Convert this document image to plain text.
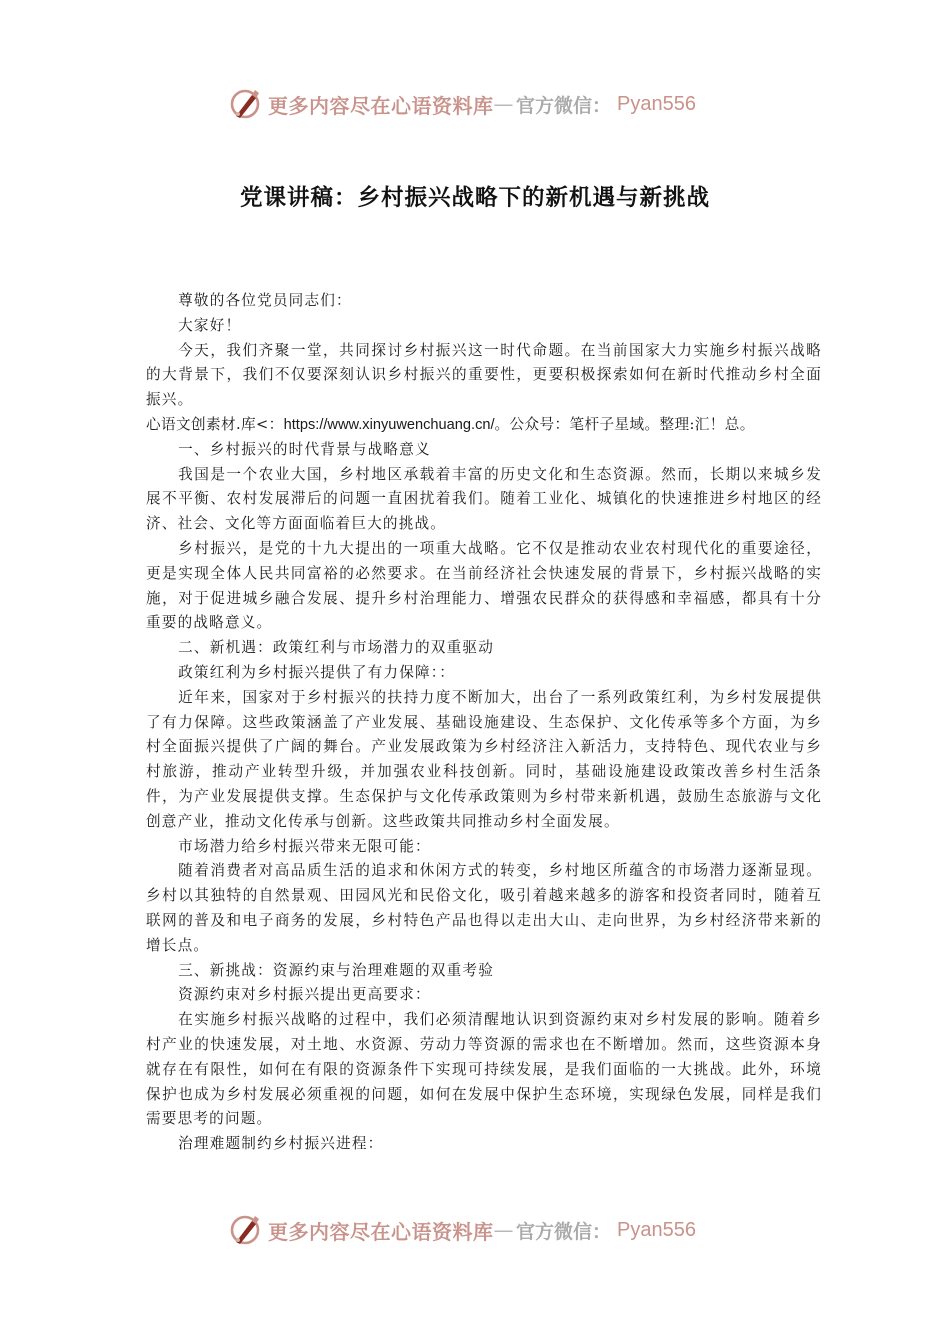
更多内容尽在心语资料库 — 官方微信： Pyan556
党课讲稿：乡村振兴战略下的新机遇与新挑战

尊敬的各位党员同志们：

大家好！

今天，我们齐聚一堂，共同探讨乡村振兴这一时代命题。在当前国家大力实施乡村振兴战略的大背景下，我们不仅要深刻认识乡村振兴的重要性，更要积极探索如何在新时代推动乡村全面振兴。

心语文创素材.库<：https://www.xinyuwenchuang.cn/。公众号：笔杆子星域。整理:汇！总。

一、乡村振兴的时代背景与战略意义

我国是一个农业大国，乡村地区承载着丰富的历史文化和生态资源。然而，长期以来城乡发展不平衡、农村发展滞后的问题一直困扰着我们。随着工业化、城镇化的快速推进乡村地区的经济、社会、文化等方面面临着巨大的挑战。

乡村振兴，是党的十九大提出的一项重大战略。它不仅是推动农业农村现代化的重要途径，更是实现全体人民共同富裕的必然要求。在当前经济社会快速发展的背景下，乡村振兴战略的实施，对于促进城乡融合发展、提升乡村治理能力、增强农民群众的获得感和幸福感，都具有十分重要的战略意义。

二、新机遇：政策红利与市场潜力的双重驱动

政策红利为乡村振兴提供了有力保障：：

近年来，国家对于乡村振兴的扶持力度不断加大，出台了一系列政策红利，为乡村发展提供了有力保障。这些政策涵盖了产业发展、基础设施建设、生态保护、文化传承等多个方面，为乡村全面振兴提供了广阔的舞台。产业发展政策为乡村经济注入新活力，支持特色、现代农业与乡村旅游，推动产业转型升级，并加强农业科技创新。同时，基础设施建设政策改善乡村生活条件，为产业发展提供支撑。生态保护与文化传承政策则为乡村带来新机遇，鼓励生态旅游与文化创意产业，推动文化传承与创新。这些政策共同推动乡村全面发展。

市场潜力给乡村振兴带来无限可能：

随着消费者对高品质生活的追求和休闲方式的转变，乡村地区所蕴含的市场潜力逐渐显现。乡村以其独特的自然景观、田园风光和民俗文化，吸引着越来越多的游客和投资者同时，随着互联网的普及和电子商务的发展，乡村特色产品也得以走出大山、走向世界，为乡村经济带来新的增长点。

三、新挑战：资源约束与治理难题的双重考验

资源约束对乡村振兴提出更高要求：

在实施乡村振兴战略的过程中，我们必须清醒地认识到资源约束对乡村发展的影响。随着乡村产业的快速发展，对土地、水资源、劳动力等资源的需求也在不断增加。然而，这些资源本身就存在有限性，如何在有限的资源条件下实现可持续发展，是我们面临的一大挑战。此外，环境保护也成为乡村发展必须重视的问题，如何在发展中保护生态环境，实现绿色发展，同样是我们需要思考的问题。

治理难题制约乡村振兴进程：

更多内容尽在心语资料库 — 官方微信： Pyan556
